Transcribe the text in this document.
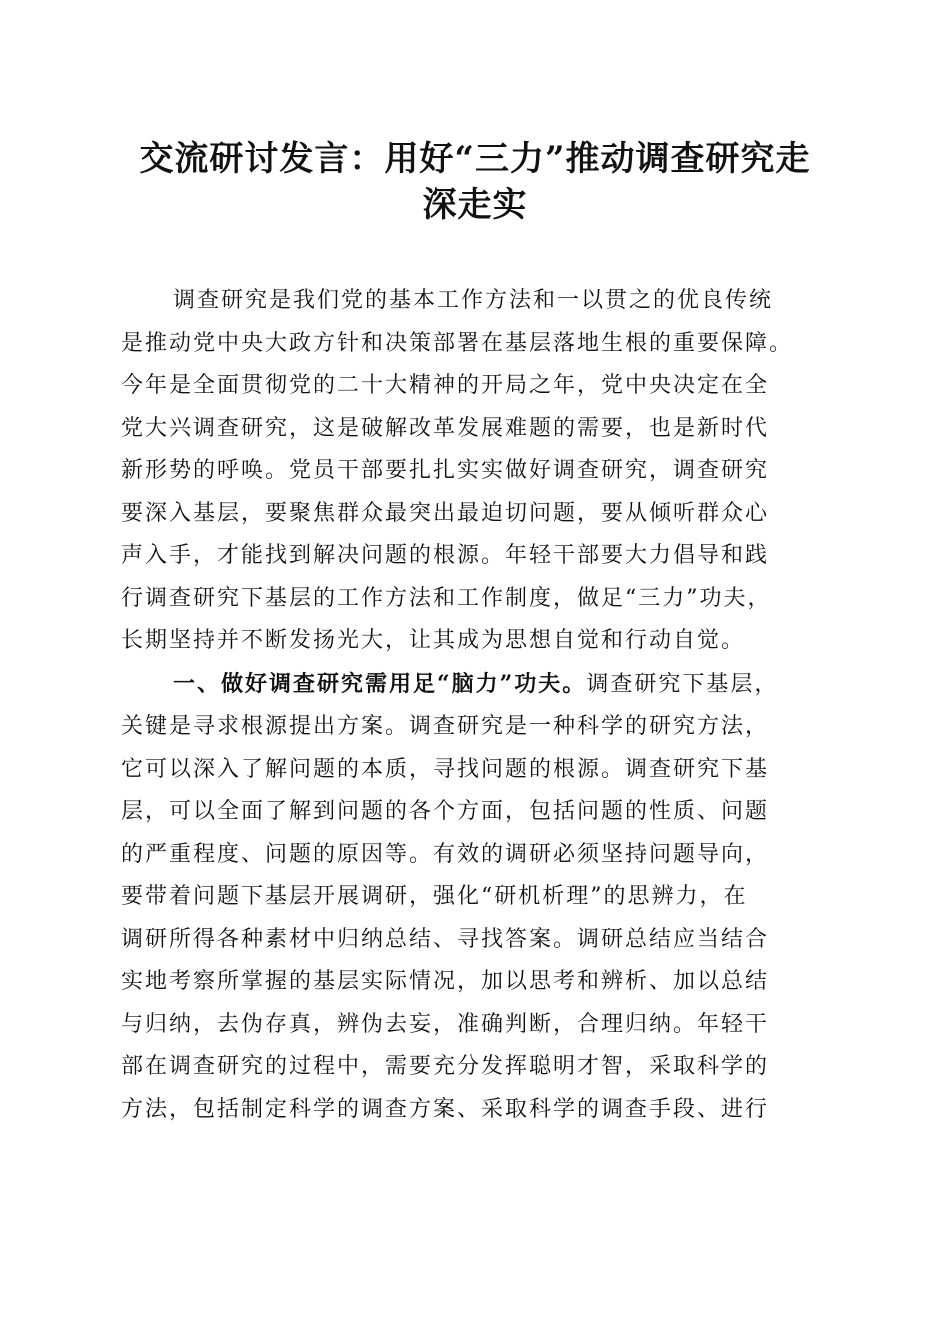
交流研讨发言：用好“三力”推动调查研究走
深走实
调查研究是我们党的基本工作方法和一以贯之的优良传统
是推动党中央大政方针和决策部署在基层落地生根的重要保障。
今年是全面贯彻党的二十大精神的开局之年，党中央决定在全
党大兴调查研究，这是破解改革发展难题的需要，也是新时代
新形势的呼唤。党员干部要扎扎实实做好调查研究，调查研究
要深入基层，要聚焦群众最突出最迫切问题，要从倾听群众心
声入手，才能找到解决问题的根源。年轻干部要大力倡导和践
行调查研究下基层的工作方法和工作制度，做足“三力”功夫，
长期坚持并不断发扬光大，让其成为思想自觉和行动自觉。
一、做好调查研究需用足“脑力”功夫。调查研究下基层，
关键是寻求根源提出方案。调查研究是一种科学的研究方法，
它可以深入了解问题的本质，寻找问题的根源。调查研究下基
层，可以全面了解到问题的各个方面，包括问题的性质、问题
的严重程度、问题的原因等。有效的调研必须坚持问题导向，
要带着问题下基层开展调研，强化“研机析理”的思辨力，在
调研所得各种素材中归纳总结、寻找答案。调研总结应当结合
实地考察所掌握的基层实际情况，加以思考和辨析、加以总结
与归纳，去伪存真，辨伪去妄，准确判断，合理归纳。年轻干
部在调查研究的过程中，需要充分发挥聪明才智，采取科学的
方法，包括制定科学的调查方案、采取科学的调查手段、进行
